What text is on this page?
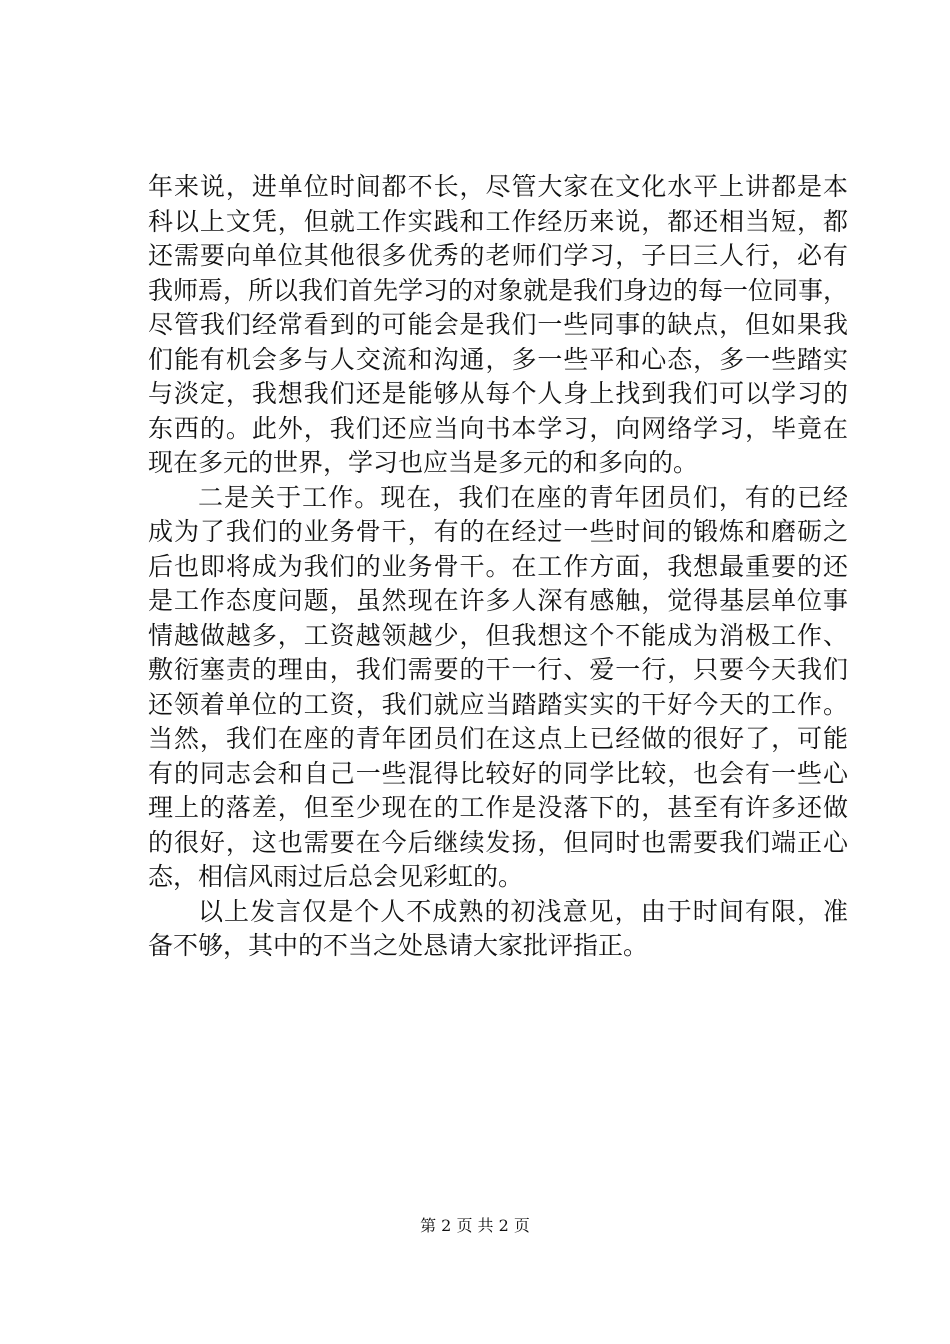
年来说，进单位时间都不长，尽管大家在文化水平上讲都是本
科以上文凭，但就工作实践和工作经历来说，都还相当短，都
还需要向单位其他很多优秀的老师们学习，子曰三人行，必有
我师焉，所以我们首先学习的对象就是我们身边的每一位同事，
尽管我们经常看到的可能会是我们一些同事的缺点，但如果我
们能有机会多与人交流和沟通，多一些平和心态，多一些踏实
与淡定，我想我们还是能够从每个人身上找到我们可以学习的
东西的。此外，我们还应当向书本学习，向网络学习，毕竟在
现在多元的世界，学习也应当是多元的和多向的。
二是关于工作。现在，我们在座的青年团员们，有的已经
成为了我们的业务骨干，有的在经过一些时间的锻炼和磨砺之
后也即将成为我们的业务骨干。在工作方面，我想最重要的还
是工作态度问题，虽然现在许多人深有感触，觉得基层单位事
情越做越多，工资越领越少，但我想这个不能成为消极工作、
敷衍塞责的理由，我们需要的干一行、爱一行，只要今天我们
还领着单位的工资，我们就应当踏踏实实的干好今天的工作。
当然，我们在座的青年团员们在这点上已经做的很好了，可能
有的同志会和自己一些混得比较好的同学比较，也会有一些心
理上的落差，但至少现在的工作是没落下的，甚至有许多还做
的很好，这也需要在今后继续发扬，但同时也需要我们端正心
态，相信风雨过后总会见彩虹的。
以上发言仅是个人不成熟的初浅意见，由于时间有限，准
备不够，其中的不当之处恳请大家批评指正。
第 2 页 共 2 页
